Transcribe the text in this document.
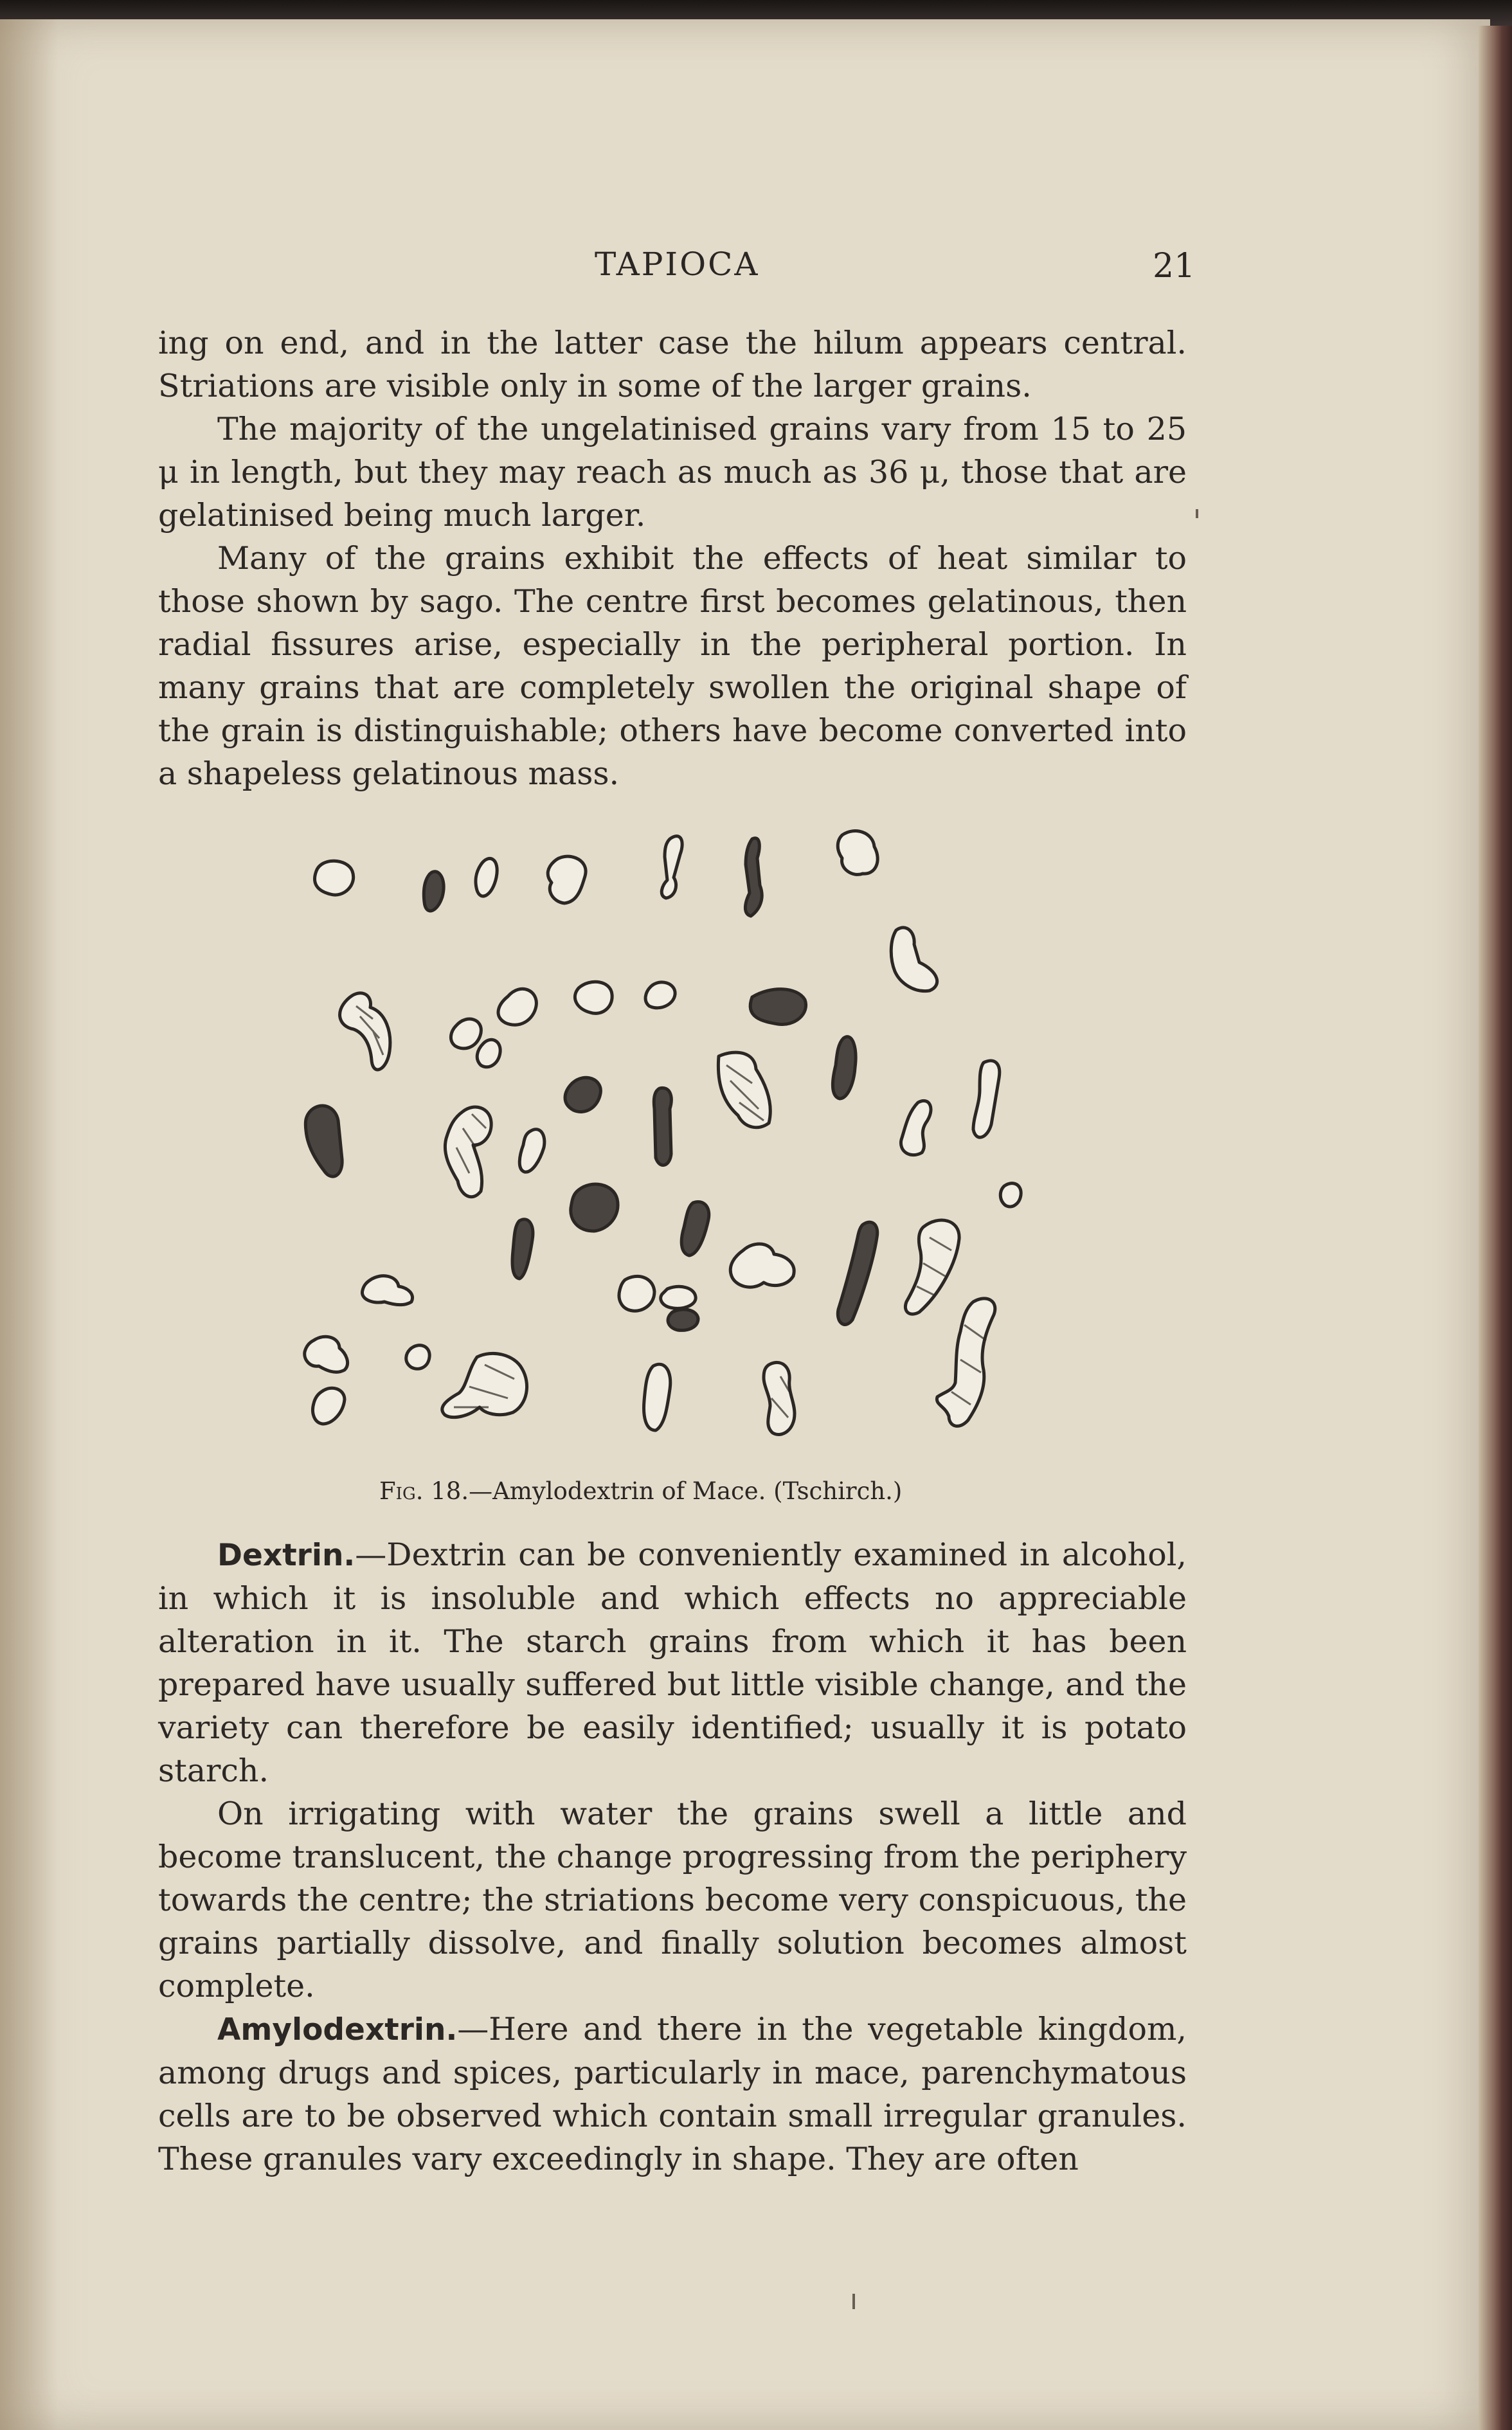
TAPIOCA	21

ing on end, and in the latter case the hilum appears central. Striations are visible only in some of the larger grains.

The majority of the ungelatinised grains vary from 15 to 25 μ in length, but they may reach as much as 36 μ, those that are gelatinised being much larger.

Many of the grains exhibit the effects of heat similar to those shown by sago. The centre first becomes gelatinous, then radial fissures arise, especially in the peripheral portion. In many grains that are completely swollen the original shape of the grain is distinguishable; others have become converted into a shapeless gelatinous mass.

Fig. 18.—Amylodextrin of Mace. (Tschirch.)

Dextrin.—Dextrin can be conveniently examined in alcohol, in which it is insoluble and which effects no appreciable alteration in it. The starch grains from which it has been prepared have usually suffered but little visible change, and the variety can therefore be easily identified; usually it is potato starch.

On irrigating with water the grains swell a little and become translucent, the change progressing from the periphery towards the centre; the striations become very conspicuous, the grains partially dissolve, and finally solution becomes almost complete.

Amylodextrin.—Here and there in the vegetable kingdom, among drugs and spices, particularly in mace, parenchymatous cells are to be observed which contain small irregular granules. These granules vary exceedingly in shape. They are often
